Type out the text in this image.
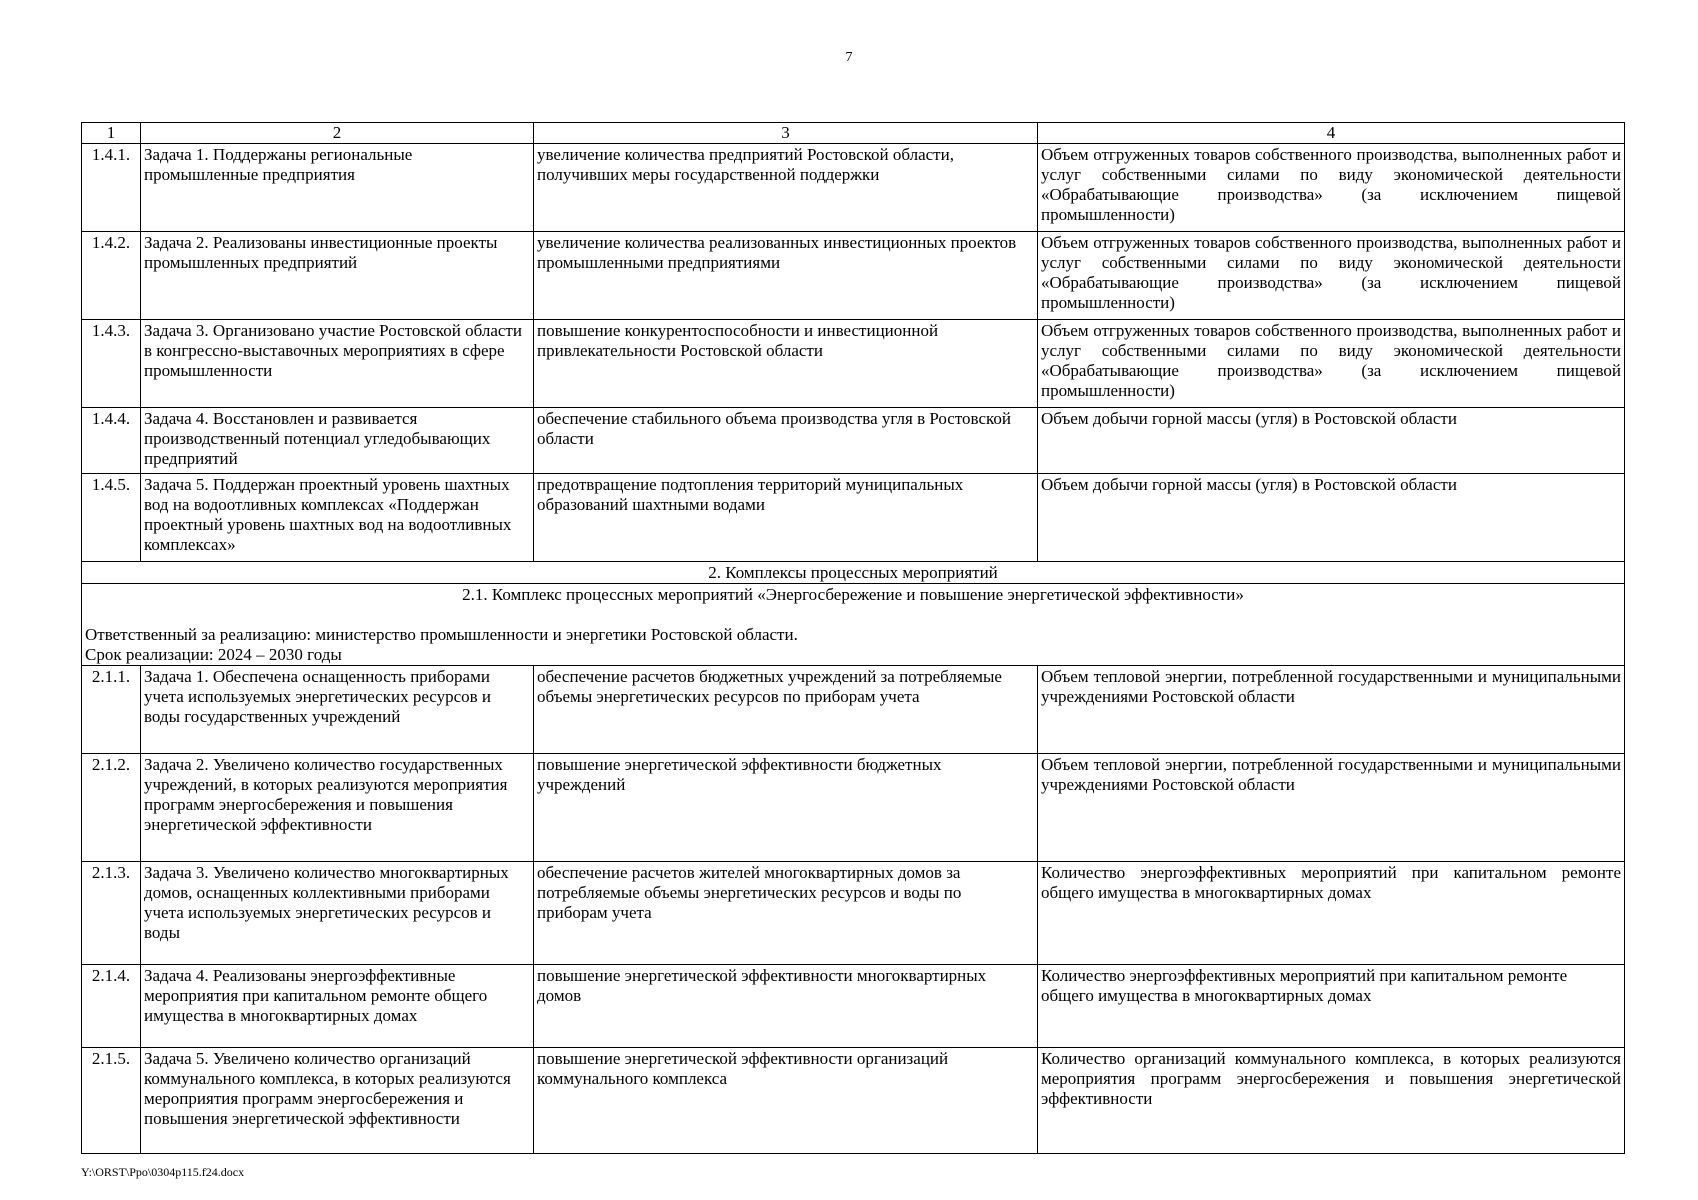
7
1	2	3	4
1.4.1.	Задача 1. Поддержаны региональные промышленные предприятия	увеличение количества предприятий Ростовской области, получивших меры государственной поддержки	Объем отгруженных товаров собственного производства, выполненных работ и услуг собственными силами по виду экономической деятельности «Обрабатывающие производства» (за исключением пищевой промышленности)
1.4.2.	Задача 2. Реализованы инвестиционные проекты промышленных предприятий	увеличение количества реализованных инвестиционных проектов промышленными предприятиями	Объем отгруженных товаров собственного производства, выполненных работ и услуг собственными силами по виду экономической деятельности «Обрабатывающие производства» (за исключением пищевой промышленности)
1.4.3.	Задача 3. Организовано участие Ростовской области в конгрессно-выставочных мероприятиях в сфере промышленности	повышение конкурентоспособности и инвестиционной привлекательности Ростовской области	Объем отгруженных товаров собственного производства, выполненных работ и услуг собственными силами по виду экономической деятельности «Обрабатывающие производства» (за исключением пищевой промышленности)
1.4.4.	Задача 4. Восстановлен и развивается производственный потенциал угледобывающих предприятий	обеспечение стабильного объема производства угля в Ростовской области	Объем добычи горной массы (угля) в Ростовской области
1.4.5.	Задача 5. Поддержан проектный уровень шахтных вод на водоотливных комплексах «Поддержан проектный уровень шахтных вод на водоотливных комплексах»	предотвращение подтопления территорий муниципальных образований шахтными водами	Объем добычи горной массы (угля) в Ростовской области
2. Комплексы процессных мероприятий			

2.1. Комплекс процессных мероприятий «Энергосбережение и повышение энергетической эффективности»
Ответственный за реализацию: министерство промышленности и энергетики Ростовской области.
Срок реализации: 2024 – 2030 годы			

2.1.1.	Задача 1. Обеспечена оснащенность приборами учета используемых энергетических ресурсов и воды государственных учреждений	обеспечение расчетов бюджетных учреждений за потребляемые объемы энергетических ресурсов по приборам учета	Объем тепловой энергии, потребленной государственными и муниципальными учреждениями Ростовской области
2.1.2.	Задача 2. Увеличено количество государственных учреждений, в которых реализуются мероприятия программ энергосбережения и повышения энергетической эффективности	повышение энергетической эффективности бюджетных учреждений	Объем тепловой энергии, потребленной государственными и муниципальными учреждениями Ростовской области
2.1.3.	Задача 3. Увеличено количество многоквартирных домов, оснащенных коллективными приборами учета используемых энергетических ресурсов и воды	обеспечение расчетов жителей многоквартирных домов за потребляемые объемы энергетических ресурсов и воды по приборам учета	Количество энергоэффективных мероприятий при капитальном ремонте общего имущества в многоквартирных домах
2.1.4.	Задача 4. Реализованы энергоэффективные мероприятия при капитальном ремонте общего имущества в многоквартирных домах	повышение энергетической эффективности многоквартирных домов	Количество энергоэффективных мероприятий при капитальном ремонте общего имущества в многоквартирных домах
2.1.5.	Задача 5. Увеличено количество организаций коммунального комплекса, в которых реализуются мероприятия программ энергосбережения и повышения энергетической эффективности	повышение энергетической эффективности организаций коммунального комплекса	Количество организаций коммунального комплекса, в которых реализуются мероприятия программ энергосбережения и повышения энергетической эффективности
Y:\ORST\Ppo\0304p115.f24.docx
